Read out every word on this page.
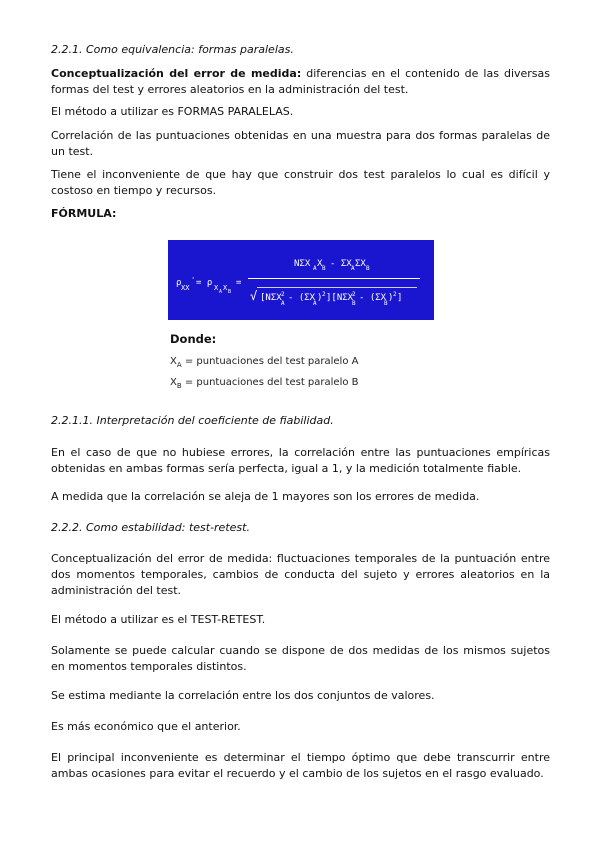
2.2.1. Como equivalencia: formas paralelas.

Conceptualización del error de medida: diferencias en el contenido de las diversas formas del test y errores aleatorios en la administración del test.

El método a utilizar es FORMAS PARALELAS.

Correlación de las puntuaciones obtenidas en una muestra para dos formas paralelas de un test.

Tiene el inconveniente de que hay que construir dos test paralelos lo cual es difícil y costoso en tiempo y recursos.

FÓRMULA:

ρ XX
' = ρ X A X B
=
NΣX A X B - ΣX A ΣX B
√ [NΣX 2
A
- (ΣX
A
) 2 ][NΣX
2
B
- (ΣX
B
) 2 ]
Donde:
$X_A$ = puntuaciones del test paralelo A
$X_B$ = puntuaciones del test paralelo B

2.2.1.1. Interpretación del coeficiente de fiabilidad.

En el caso de que no hubiese errores, la correlación entre las puntuaciones empíricas obtenidas en ambas formas sería perfecta, igual a 1, y la medición totalmente fiable.

A medida que la correlación se aleja de 1 mayores son los errores de medida.

2.2.2. Como estabilidad: test-retest.

Conceptualización del error de medida: fluctuaciones temporales de la puntuación entre dos momentos temporales, cambios de conducta del sujeto y errores aleatorios en la administración del test.

El método a utilizar es el TEST-RETEST.

Solamente se puede calcular cuando se dispone de dos medidas de los mismos sujetos en momentos temporales distintos.

Se estima mediante la correlación entre los dos conjuntos de valores.

Es más económico que el anterior.

El principal inconveniente es determinar el tiempo óptimo que debe transcurrir entre ambas ocasiones para evitar el recuerdo y el cambio de los sujetos en el rasgo evaluado.
